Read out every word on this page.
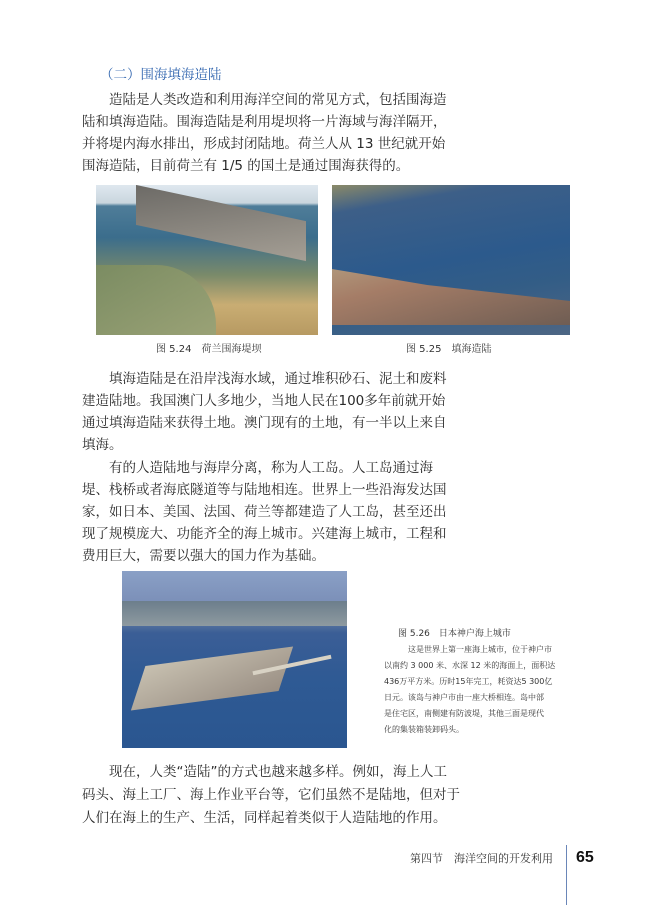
（二）围海填海造陆
造陆是人类改造和利用海洋空间的常见方式，包括围海造
陆和填海造陆。围海造陆是利用堤坝将一片海域与海洋隔开，
并将堤内海水排出，形成封闭陆地。荷兰人从 13 世纪就开始
围海造陆，目前荷兰有 1/5 的国土是通过围海获得的。
图 5.24　荷兰围海堤坝	图 5.25　填海造陆
填海造陆是在沿岸浅海水域，通过堆积砂石、泥土和废料
建造陆地。我国澳门人多地少，当地人民在100多年前就开始
通过填海造陆来获得土地。澳门现有的土地，有一半以上来自
填海。
有的人造陆地与海岸分离，称为人工岛。人工岛通过海
堤、栈桥或者海底隧道等与陆地相连。世界上一些沿海发达国
家，如日本、美国、法国、荷兰等都建造了人工岛，甚至还出
现了规模庞大、功能齐全的海上城市。兴建海上城市，工程和
费用巨大，需要以强大的国力作为基础。
图 5.26　日本神户海上城市
这是世界上第一座海上城市，位于神户市
以南约 3 000 米、水深 12 米的海面上，面积达
436万平方米。历时15年完工，耗资达5 300亿
日元。该岛与神户市由一座大桥相连。岛中部
是住宅区，南侧建有防波堤，其他三面是现代
化的集装箱装卸码头。
现在，人类“造陆”的方式也越来越多样。例如，海上人工
码头、海上工厂、海上作业平台等，它们虽然不是陆地，但对于
人们在海上的生产、生活，同样起着类似于人造陆地的作用。
第四节　海洋空间的开发利用 65
